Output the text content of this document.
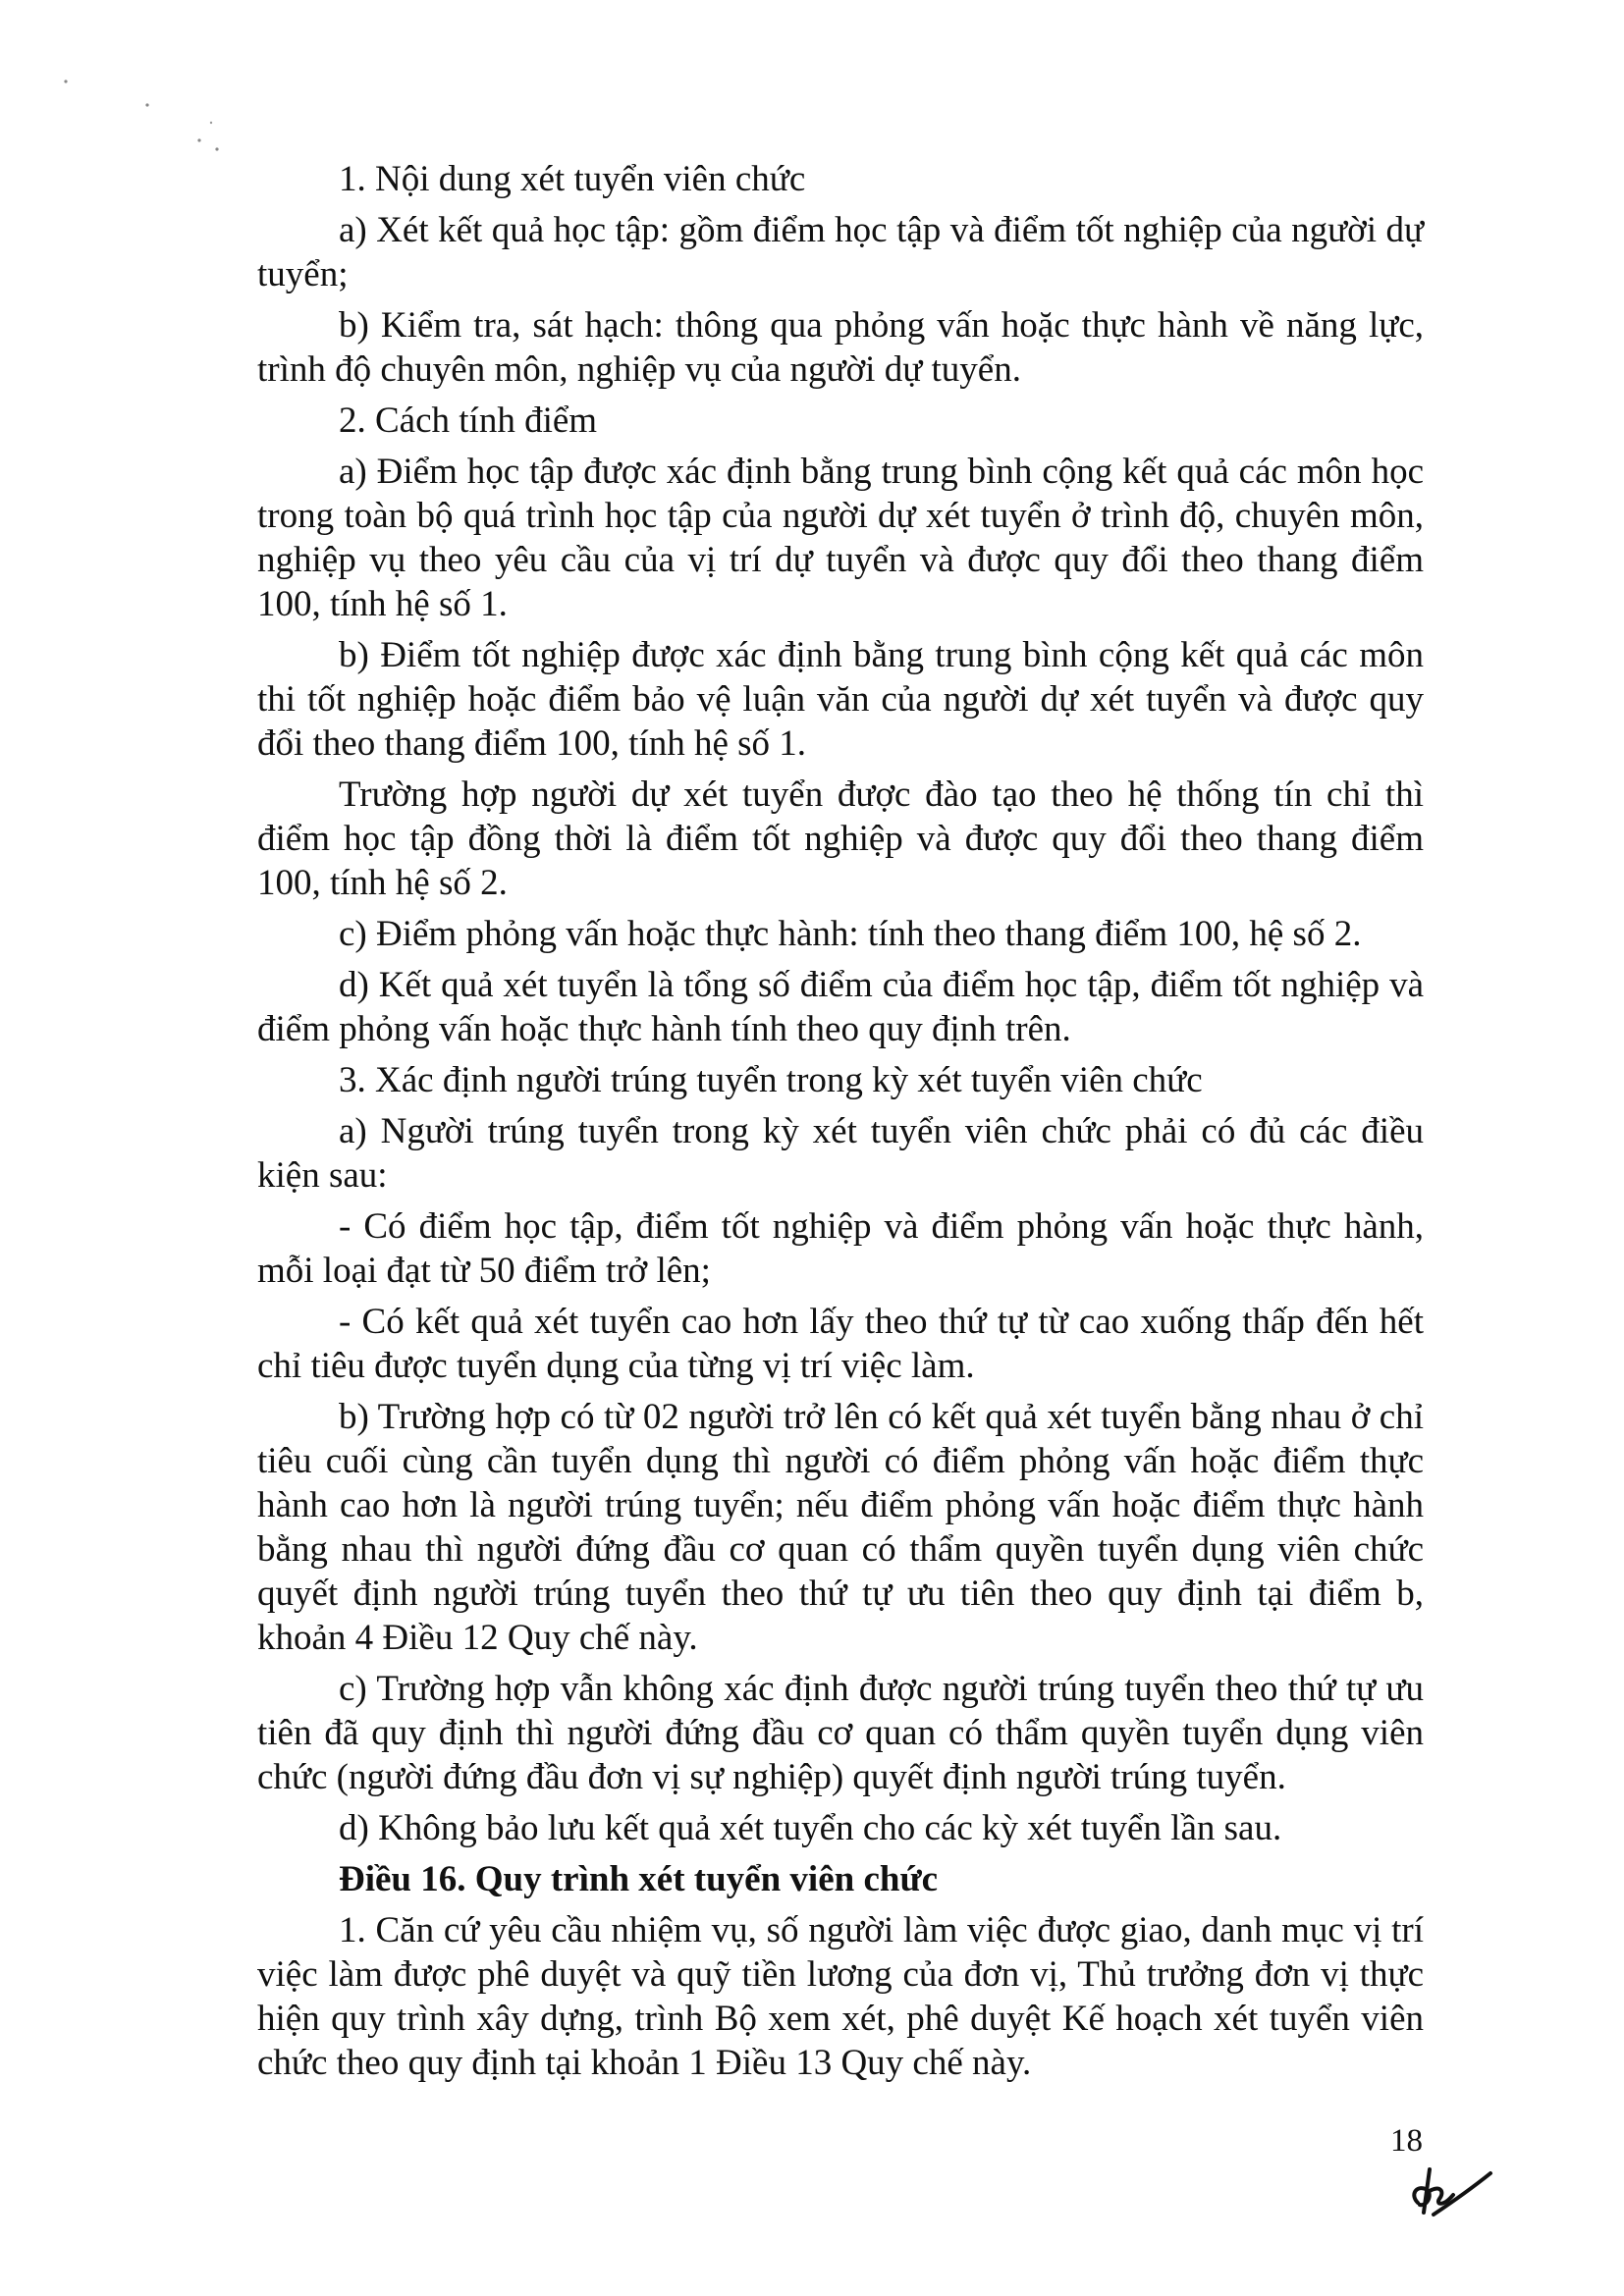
1. Nội dung xét tuyển viên chức

a) Xét kết quả học tập: gồm điểm học tập và điểm tốt nghiệp của người dự tuyển;

b) Kiểm tra, sát hạch: thông qua phỏng vấn hoặc thực hành về năng lực, trình độ chuyên môn, nghiệp vụ của người dự tuyển.

2. Cách tính điểm

a) Điểm học tập được xác định bằng trung bình cộng kết quả các môn học trong toàn bộ quá trình học tập của người dự xét tuyển ở trình độ, chuyên môn, nghiệp vụ theo yêu cầu của vị trí dự tuyển và được quy đổi theo thang điểm 100, tính hệ số 1.

b) Điểm tốt nghiệp được xác định bằng trung bình cộng kết quả các môn thi tốt nghiệp hoặc điểm bảo vệ luận văn của người dự xét tuyển và được quy đổi theo thang điểm 100, tính hệ số 1.

Trường hợp người dự xét tuyển được đào tạo theo hệ thống tín chỉ thì điểm học tập đồng thời là điểm tốt nghiệp và được quy đổi theo thang điểm 100, tính hệ số 2.

c) Điểm phỏng vấn hoặc thực hành: tính theo thang điểm 100, hệ số 2.

d) Kết quả xét tuyển là tổng số điểm của điểm học tập, điểm tốt nghiệp và điểm phỏng vấn hoặc thực hành tính theo quy định trên.

3. Xác định người trúng tuyển trong kỳ xét tuyển viên chức

a) Người trúng tuyển trong kỳ xét tuyển viên chức phải có đủ các điều kiện sau:

- Có điểm học tập, điểm tốt nghiệp và điểm phỏng vấn hoặc thực hành, mỗi loại đạt từ 50 điểm trở lên;

- Có kết quả xét tuyển cao hơn lấy theo thứ tự từ cao xuống thấp đến hết chỉ tiêu được tuyển dụng của từng vị trí việc làm.

b) Trường hợp có từ 02 người trở lên có kết quả xét tuyển bằng nhau ở chỉ tiêu cuối cùng cần tuyển dụng thì người có điểm phỏng vấn hoặc điểm thực hành cao hơn là người trúng tuyển; nếu điểm phỏng vấn hoặc điểm thực hành bằng nhau thì người đứng đầu cơ quan có thẩm quyền tuyển dụng viên chức quyết định người trúng tuyển theo thứ tự ưu tiên theo quy định tại điểm b, khoản 4 Điều 12 Quy chế này.

c) Trường hợp vẫn không xác định được người trúng tuyển theo thứ tự ưu tiên đã quy định thì người đứng đầu cơ quan có thẩm quyền tuyển dụng viên chức (người đứng đầu đơn vị sự nghiệp) quyết định người trúng tuyển.

d) Không bảo lưu kết quả xét tuyển cho các kỳ xét tuyển lần sau.

Điều 16. Quy trình xét tuyển viên chức

1. Căn cứ yêu cầu nhiệm vụ, số người làm việc được giao, danh mục vị trí việc làm được phê duyệt và quỹ tiền lương của đơn vị, Thủ trưởng đơn vị thực hiện quy trình xây dựng, trình Bộ xem xét, phê duyệt Kế hoạch xét tuyển viên chức theo quy định tại khoản 1 Điều 13 Quy chế này.

18
